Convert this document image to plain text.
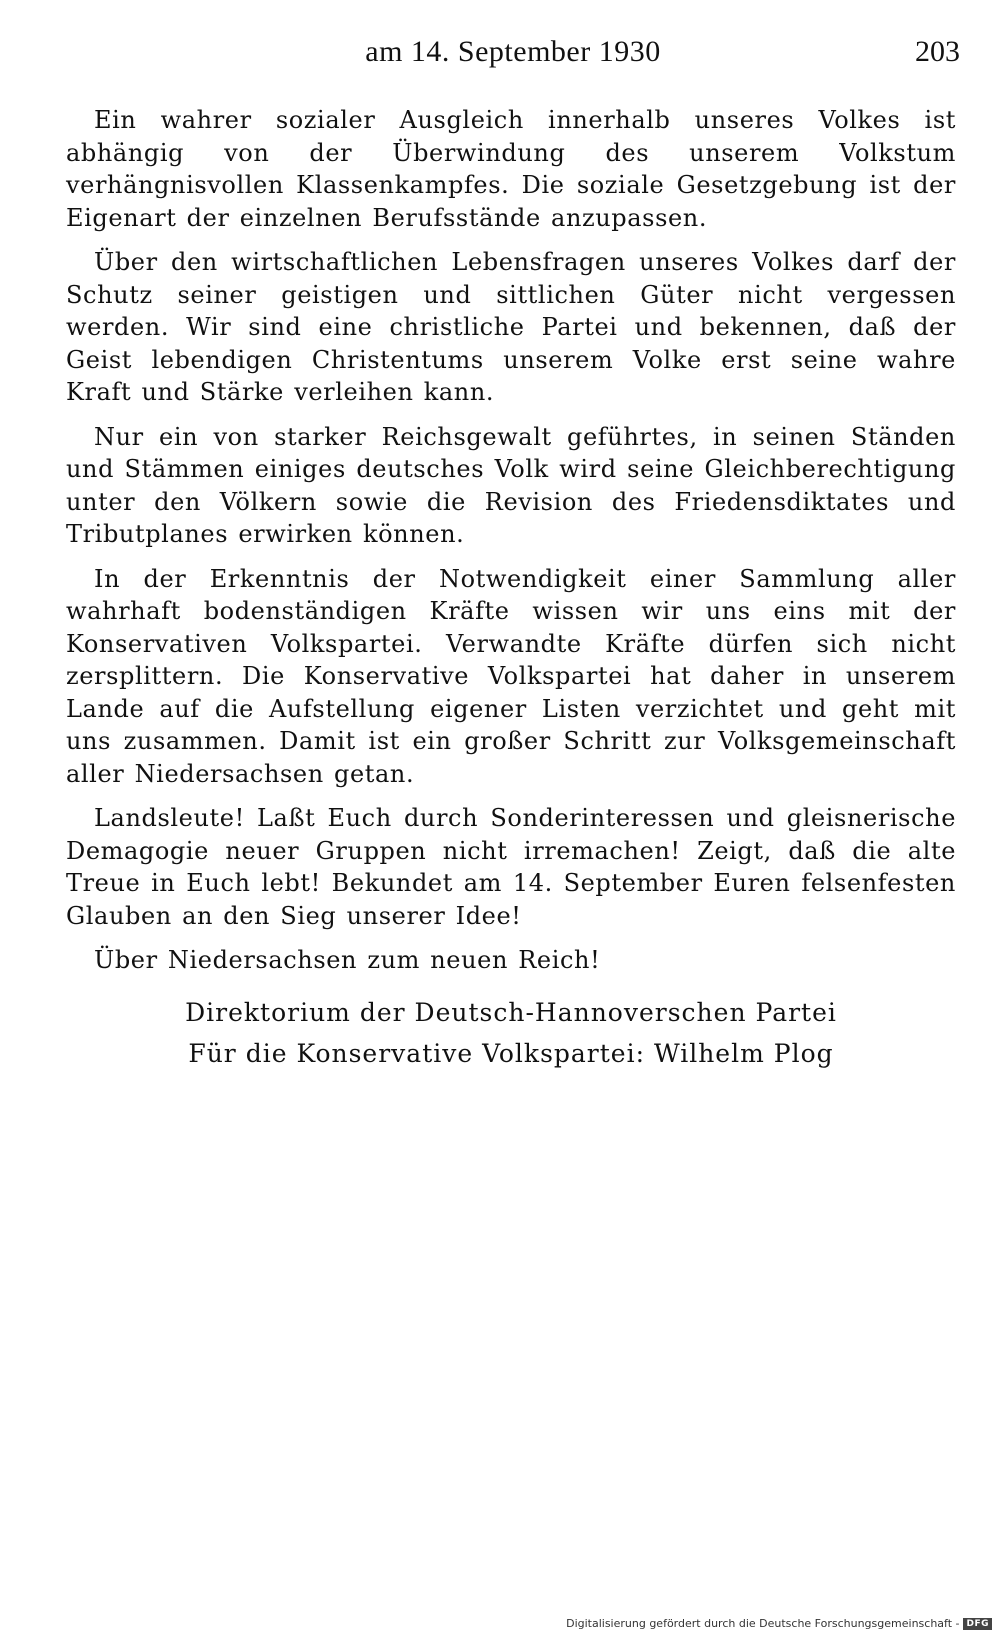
am 14. September 1930	203

Ein wahrer sozialer Ausgleich innerhalb unseres Volkes ist abhängig von der Überwindung des unserem Volkstum verhängnisvollen Klassenkampfes. Die soziale Gesetzgebung ist der Eigenart der einzelnen Berufsstände anzupassen.

Über den wirtschaftlichen Lebensfragen unseres Volkes darf der Schutz seiner geistigen und sittlichen Güter nicht vergessen werden. Wir sind eine christliche Partei und bekennen, daß der Geist lebendigen Christentums unserem Volke erst seine wahre Kraft und Stärke verleihen kann.

Nur ein von starker Reichsgewalt geführtes, in seinen Ständen und Stämmen einiges deutsches Volk wird seine Gleichberechtigung unter den Völkern sowie die Revision des Friedensdiktates und Tributplanes erwirken können.

In der Erkenntnis der Notwendigkeit einer Sammlung aller wahrhaft bodenständigen Kräfte wissen wir uns eins mit der Konservativen Volkspartei. Verwandte Kräfte dürfen sich nicht zersplittern. Die Konservative Volkspartei hat daher in unserem Lande auf die Aufstellung eigener Listen verzichtet und geht mit uns zusammen. Damit ist ein großer Schritt zur Volksgemeinschaft aller Niedersachsen getan.

Landsleute! Laßt Euch durch Sonderinteressen und gleisnerische Demagogie neuer Gruppen nicht irremachen! Zeigt, daß die alte Treue in Euch lebt! Bekundet am 14. September Euren felsenfesten Glauben an den Sieg unserer Idee!

Über Niedersachsen zum neuen Reich!

Direktorium der Deutsch-Hannoverschen Partei
Für die Konservative Volkspartei: Wilhelm Plog
Digitalisierung gefördert durch die Deutsche Forschungsgemeinschaft - DFG
